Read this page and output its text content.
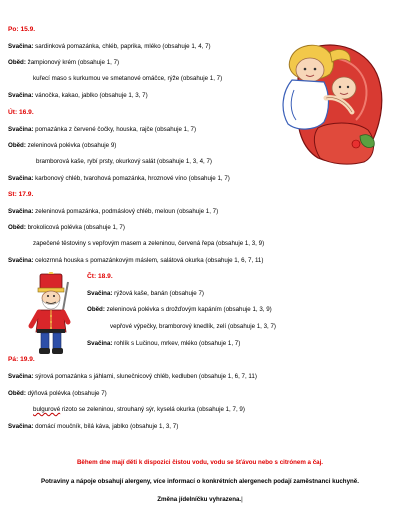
Po: 15.9.
Svačina: sardinková pomazánka, chléb, paprika, mléko (obsahuje 1, 4, 7)
Oběd: žampionový krém (obsahuje 1, 7)
kuřecí maso s kurkumou ve smetanové omáčce, rýže (obsahuje 1, 7)
Svačina: vánočka, kakao, jablko (obsahuje 1, 3, 7)
Út: 16.9.
Svačina: pomazánka z červené čočky, houska, rajče (obsahuje 1, 7)
Oběd: zeleninová polévka (obsahuje 9)
bramborová kaše, rybí prsty, okurkový salát (obsahuje 1, 3, 4, 7)
Svačina: karbonový chléb, tvarohová pomazánka, hroznové víno (obsahuje 1, 7)
St: 17.9.
Svačina: zeleninová pomazánka, podmáslový chléb, meloun (obsahuje 1, 7)
Oběd: brokolicová polévka (obsahuje 1, 7)
zapečené těstoviny s vepřovým masem a zeleninou, červená řepa (obsahuje 1, 3, 9)
Svačina: celozrnná houska s pomazánkovým máslem, salátová okurka (obsahuje 1, 6, 7, 11)
Čt: 18.9.
Svačina: rýžová kaše, banán (obsahuje 7)
Oběd: zeleninová polévka s drožďovým kapáním (obsahuje 1, 3, 9)
vepřové výpečky, bramborový knedlík, zelí (obsahuje 1, 3, 7)
Svačina: rohlík s Lučinou, mrkev, mléko (obsahuje 1, 7)
Pá: 19.9.
Svačina: sýrová pomazánka s jáhlami, slunečnicový chléb, kedluben (obsahuje 1, 6, 7, 11)
Oběd: dýňová polévka (obsahuje 7)
bulgurové rizoto se zeleninou, strouhaný sýr, kyselá okurka (obsahuje 1, 7, 9)
Svačina: domácí moučník, bílá káva, jablko (obsahuje 1, 3, 7)
Během dne mají děti k dispozici čistou vodu, vodu se šťávou nebo s citrónem a čaj.
Potraviny a nápoje obsahují alergeny, více informací o konkrétních alergenech podají zaměstnanci kuchyně.
Změna jídelníčku vyhrazena.|
